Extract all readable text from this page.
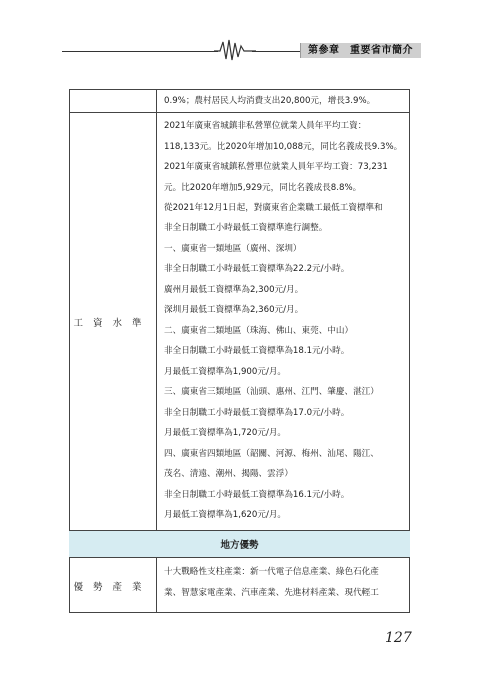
第參章　重要省市簡介
0.9%；農村居民人均消費支出20,800元，增長3.9%。
工資水準
2021年廣東省城鎮非私營單位就業人員年平均工資：
118,133元。比2020年增加10,088元，同比名義成長9.3%。
2021年廣東省城鎮私營單位就業人員年平均工資：73,231
元。比2020年增加5,929元，同比名義成長8.8%。
從2021年12月1日起，對廣東省企業職工最低工資標準和
非全日制職工小時最低工資標準進行調整。
一、廣東省一類地區（廣州、深圳）
非全日制職工小時最低工資標準為22.2元/小時。
廣州月最低工資標準為2,300元/月。
深圳月最低工資標準為2,360元/月。
二、廣東省二類地區（珠海、佛山、東莞、中山）
非全日制職工小時最低工資標準為18.1元/小時。
月最低工資標準為1,900元/月。
三、廣東省三類地區（汕頭、惠州、江門、肇慶、湛江）
非全日制職工小時最低工資標準為17.0元/小時。
月最低工資標準為1,720元/月。
四、廣東省四類地區（韶關、河源、梅州、汕尾、陽江、
茂名、清遠、潮州、揭陽、雲浮）
非全日制職工小時最低工資標準為16.1元/小時。
月最低工資標準為1,620元/月。
地方優勢
優勢產業
十大戰略性支柱產業：新一代電子信息產業、綠色石化產
業、智慧家電產業、汽車產業、先進材料產業、現代輕工
127
